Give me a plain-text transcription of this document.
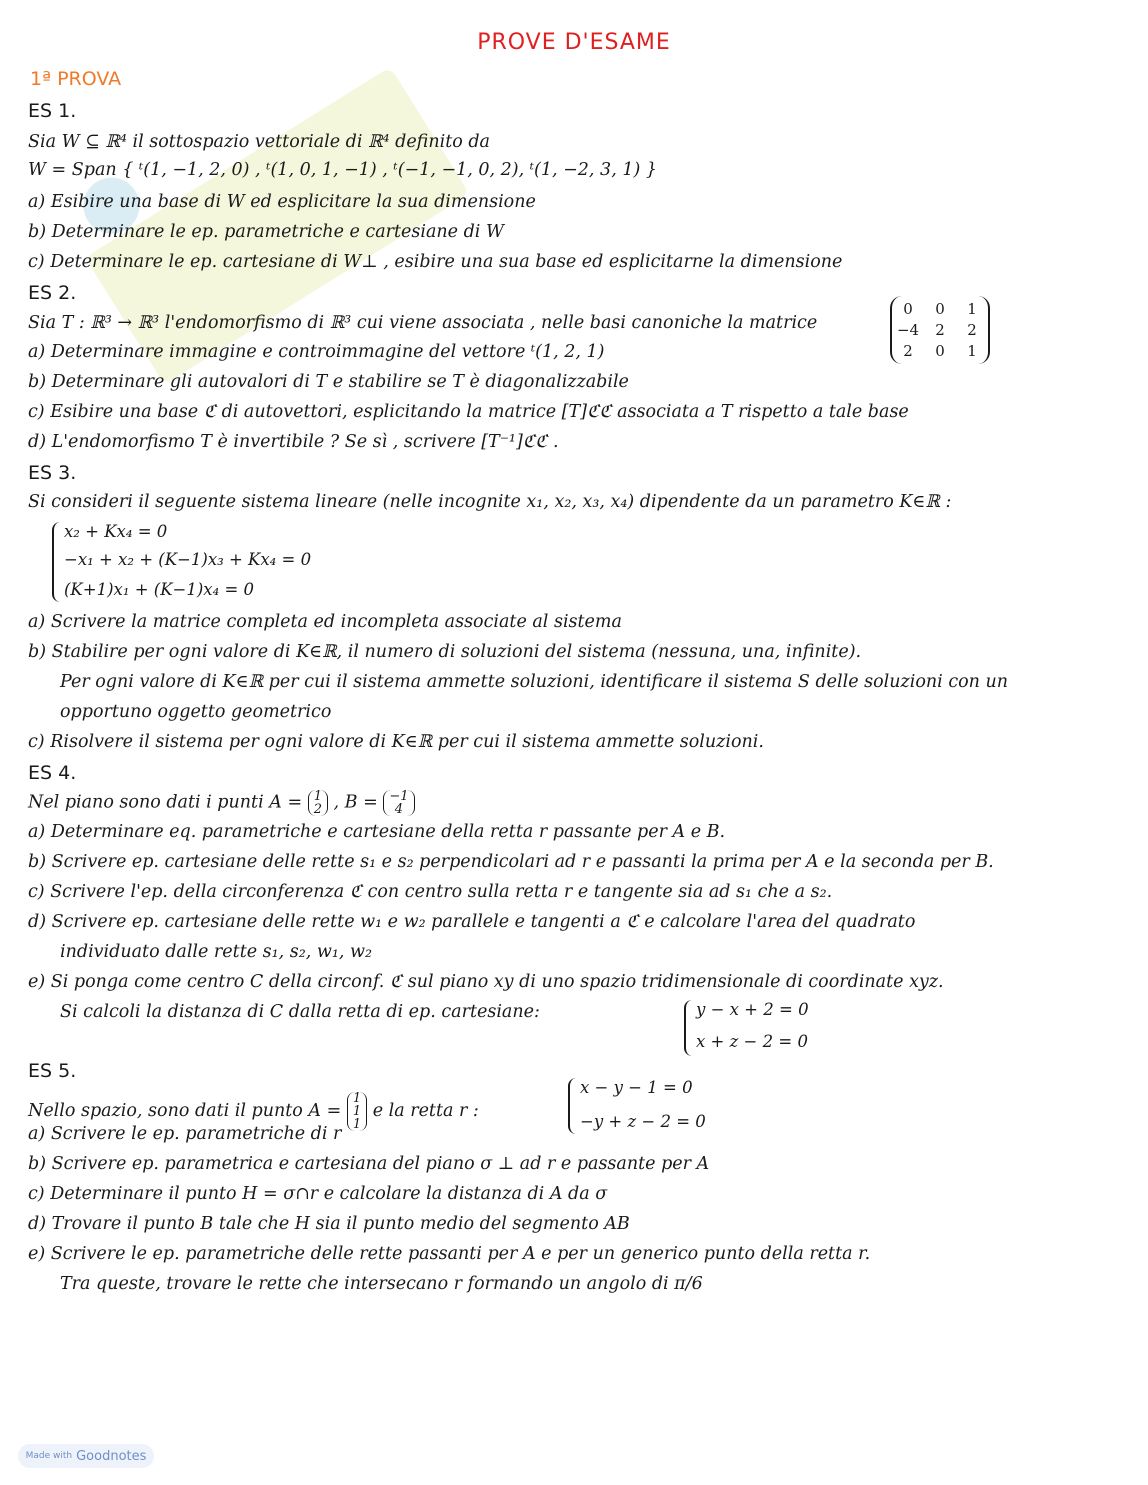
PROVE D'ESAME
1ª PROVA
ES 1.
Sia W ⊆ ℝ⁴ il sottospazio vettoriale di ℝ⁴ definito da
W = Span { ᵗ(1, −1, 2, 0) , ᵗ(1, 0, 1, −1) , ᵗ(−1, −1, 0, 2), ᵗ(1, −2, 3, 1) }
a) Esibire una base di W ed esplicitare la sua dimensione
b) Determinare le ep. parametriche e cartesiane di W
c) Determinare le ep. cartesiane di W⊥ , esibire una sua base ed esplicitarne la dimensione
ES 2.
Sia T : ℝ³ → ℝ³ l'endomorfismo di ℝ³ cui viene associata , nelle basi canoniche la matrice
0 0 1
−4 2 2
2 0 1
a) Determinare immagine e controimmagine del vettore ᵗ(1, 2, 1)
b) Determinare gli autovalori di T e stabilire se T è diagonalizzabile
c) Esibire una base ℭ di autovettori, esplicitando la matrice [T]ℭℭ associata a T rispetto a tale base
d) L'endomorfismo T è invertibile ? Se sì , scrivere [T⁻¹]ℭℭ .
ES 3.
Si consideri il seguente sistema lineare (nelle incognite x₁, x₂, x₃, x₄) dipendente da un parametro K∈ℝ :
x₂ + Kx₄ = 0
−x₁ + x₂ + (K−1)x₃ + Kx₄ = 0
(K+1)x₁ + (K−1)x₄ = 0
a) Scrivere la matrice completa ed incompleta associate al sistema
b) Stabilire per ogni valore di K∈ℝ, il numero di soluzioni del sistema (nessuna, una, infinite).
Per ogni valore di K∈ℝ per cui il sistema ammette soluzioni, identificare il sistema S delle soluzioni con un
opportuno oggetto geometrico
c) Risolvere il sistema per ogni valore di K∈ℝ per cui il sistema ammette soluzioni.
ES 4.
Nel piano sono dati i punti A = 1
2 , B = −1
4
a) Determinare eq. parametriche e cartesiane della retta r passante per A e B.
b) Scrivere ep. cartesiane delle rette s₁ e s₂ perpendicolari ad r e passanti la prima per A e la seconda per B.
c) Scrivere l'ep. della circonferenza ℭ con centro sulla retta r e tangente sia ad s₁ che a s₂.
d) Scrivere ep. cartesiane delle rette w₁ e w₂ parallele e tangenti a ℭ e calcolare l'area del quadrato
individuato dalle rette s₁, s₂, w₁, w₂
e) Si ponga come centro C della circonf. ℭ sul piano xy di uno spazio tridimensionale di coordinate xyz.
Si calcoli la distanza di C dalla retta di ep. cartesiane:	y − x + 2 = 0
x + z − 2 = 0
ES 5.
Nello spazio, sono dati il punto A = 1
1
1 e la retta r :
x − y − 1 = 0
−y + z − 2 = 0
a) Scrivere le ep. parametriche di r
b) Scrivere ep. parametrica e cartesiana del piano σ ⊥ ad r e passante per A
c) Determinare il punto H = σ∩r e calcolare la distanza di A da σ
d) Trovare il punto B tale che H sia il punto medio del segmento AB
e) Scrivere le ep. parametriche delle rette passanti per A e per un generico punto della retta r.
Tra queste, trovare le rette che intersecano r formando un angolo di π/6
Made with Goodnotes
